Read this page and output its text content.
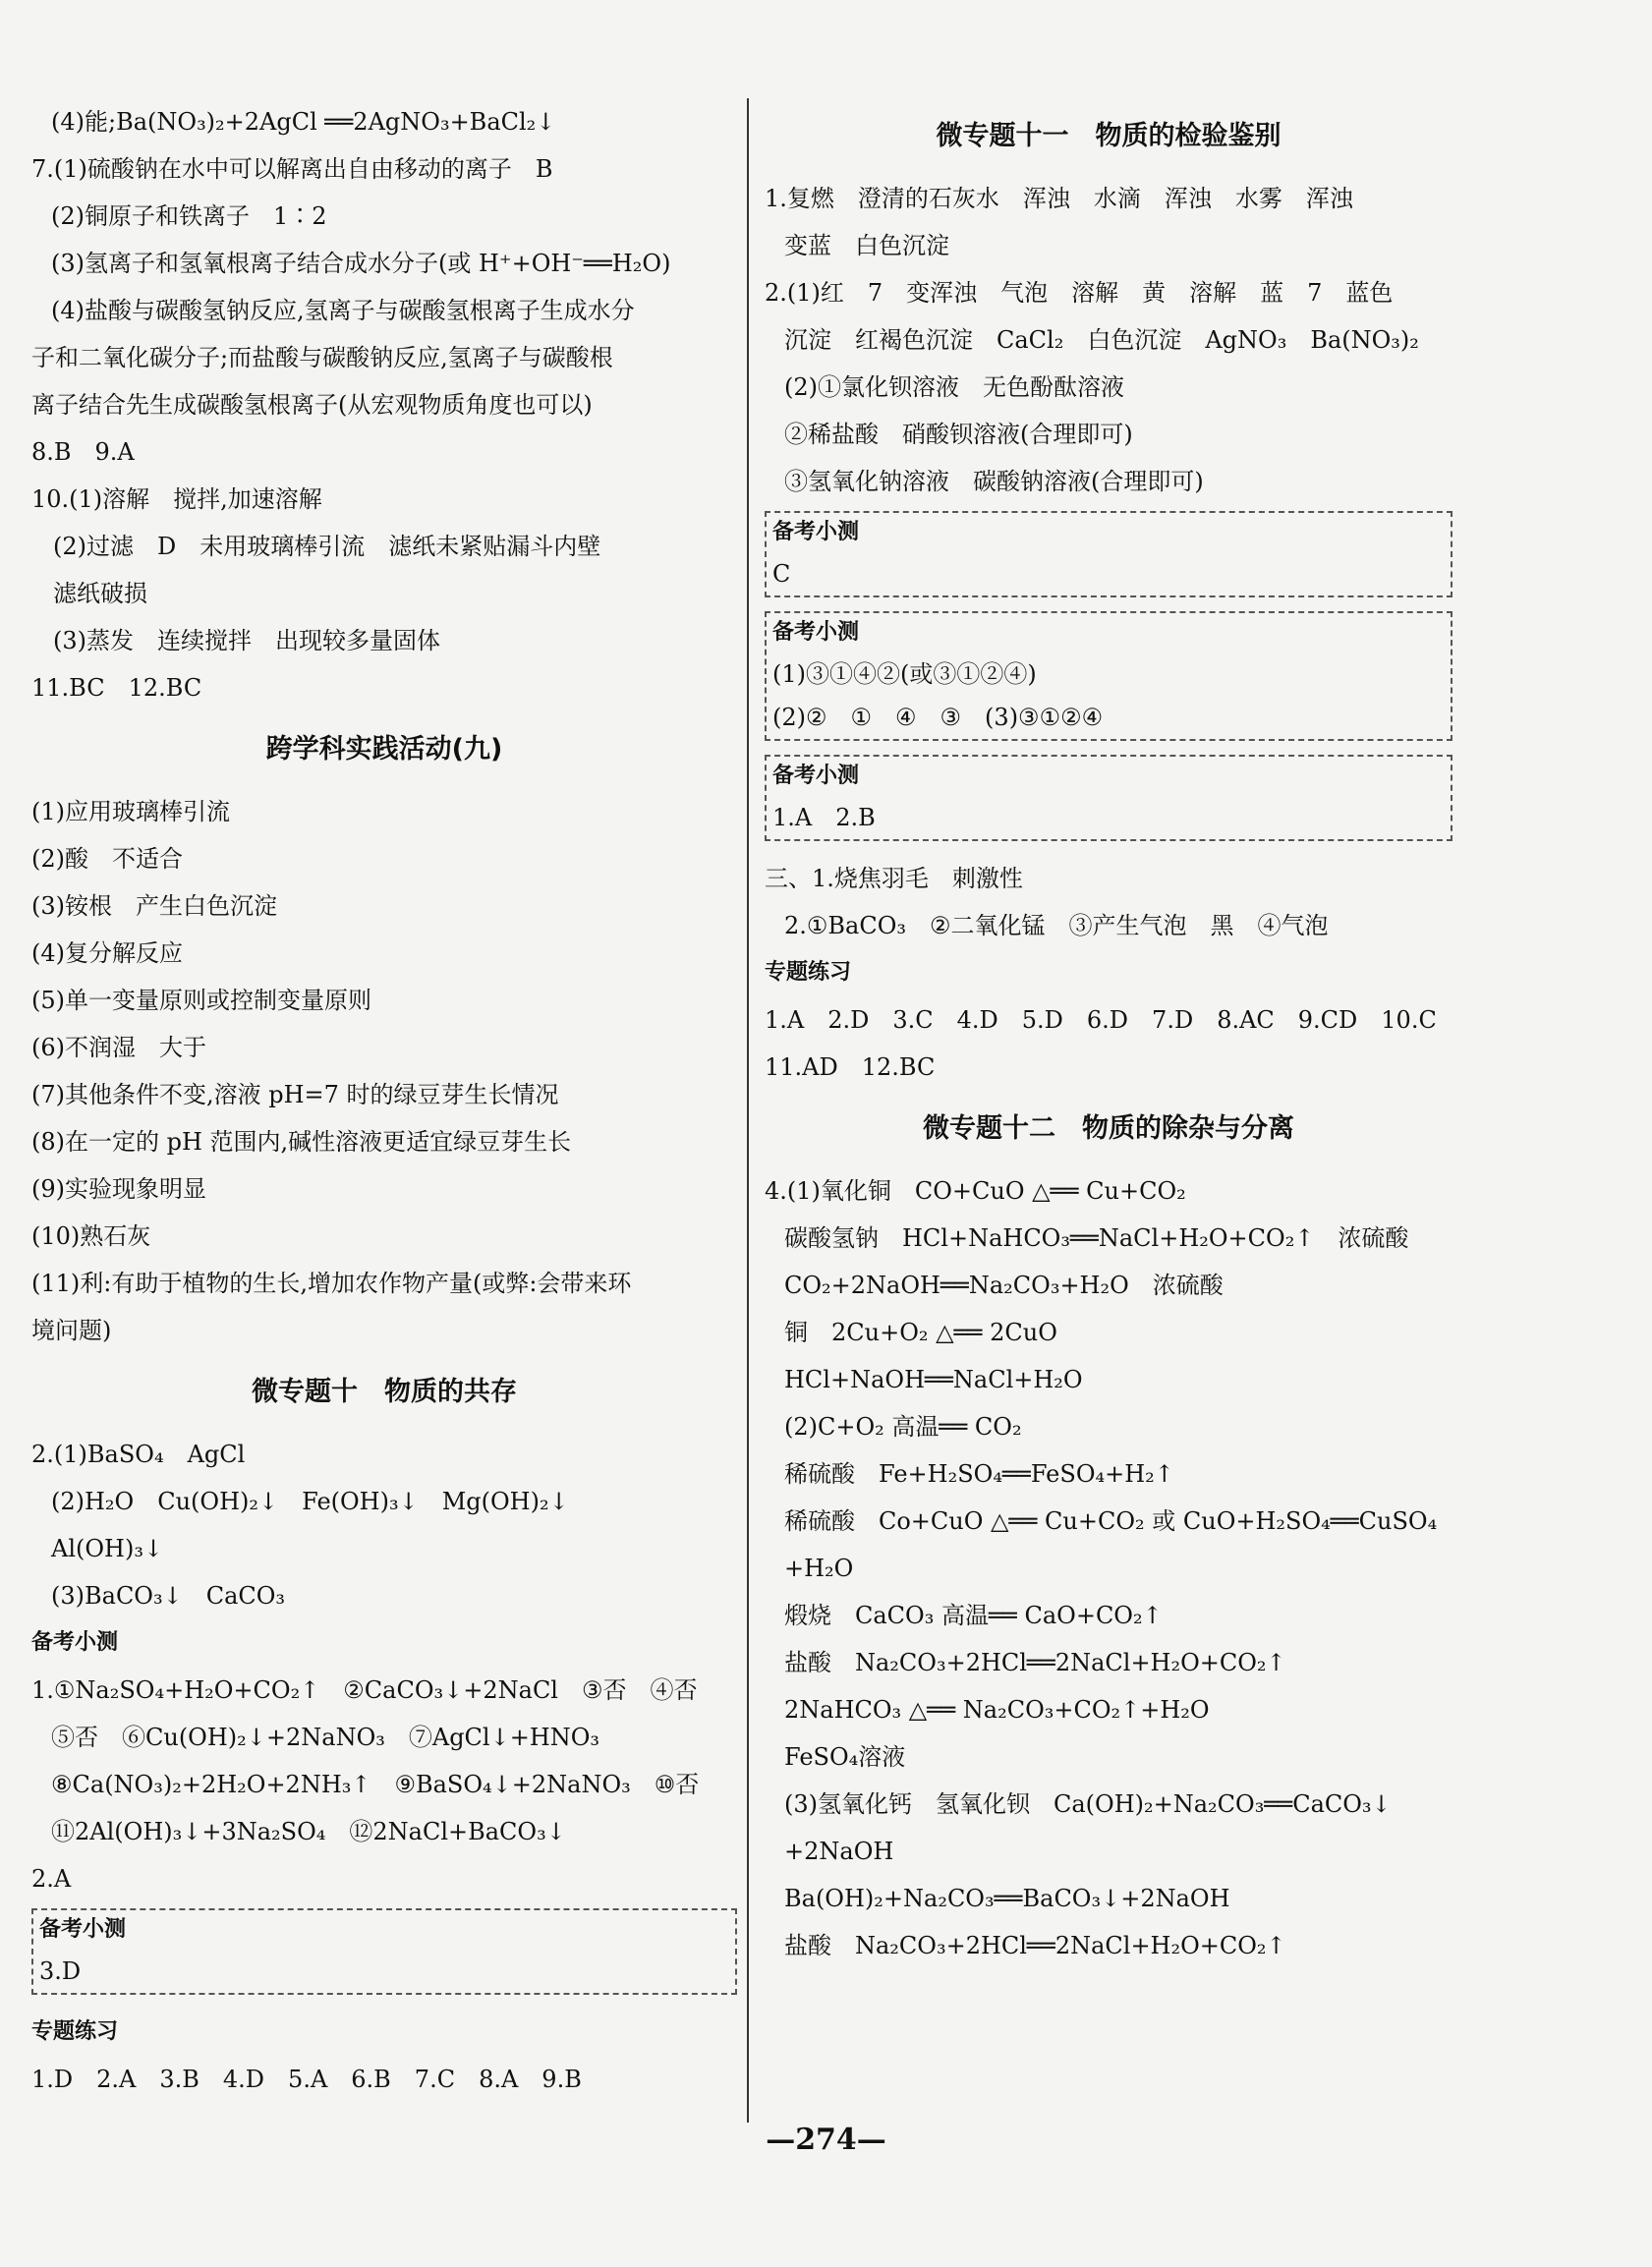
(4)能;Ba(NO₃)₂+2AgCl ══2AgNO₃+BaCl₂↓
7.(1)硫酸钠在水中可以解离出自由移动的离子　B
(2)铜原子和铁离子　1∶2
(3)氢离子和氢氧根离子结合成水分子(或 H⁺+OH⁻══H₂O)
(4)盐酸与碳酸氢钠反应,氢离子与碳酸氢根离子生成水分
子和二氧化碳分子;而盐酸与碳酸钠反应,氢离子与碳酸根
离子结合先生成碳酸氢根离子(从宏观物质角度也可以)
8.B　9.A
10.(1)溶解　搅拌,加速溶解
(2)过滤　D　未用玻璃棒引流　滤纸未紧贴漏斗内壁
滤纸破损
(3)蒸发　连续搅拌　出现较多量固体
11.BC　12.BC
跨学科实践活动(九)
(1)应用玻璃棒引流
(2)酸　不适合
(3)铵根　产生白色沉淀
(4)复分解反应
(5)单一变量原则或控制变量原则
(6)不润湿　大于
(7)其他条件不变,溶液 pH=7 时的绿豆芽生长情况
(8)在一定的 pH 范围内,碱性溶液更适宜绿豆芽生长
(9)实验现象明显
(10)熟石灰
(11)利:有助于植物的生长,增加农作物产量(或弊:会带来环
境问题)
微专题十　物质的共存
2.(1)BaSO₄　AgCl
(2)H₂O　Cu(OH)₂↓　Fe(OH)₃↓　Mg(OH)₂↓
Al(OH)₃↓
(3)BaCO₃↓　CaCO₃
备考小测
1.①Na₂SO₄+H₂O+CO₂↑　②CaCO₃↓+2NaCl　③否　④否
⑤否　⑥Cu(OH)₂↓+2NaNO₃　⑦AgCl↓+HNO₃
⑧Ca(NO₃)₂+2H₂O+2NH₃↑　⑨BaSO₄↓+2NaNO₃　⑩否
⑪2Al(OH)₃↓+3Na₂SO₄　⑫2NaCl+BaCO₃↓
2.A
备考小测
3.D
专题练习
1.D　2.A　3.B　4.D　5.A　6.B　7.C　8.A　9.B
微专题十一　物质的检验鉴别
1.复燃　澄清的石灰水　浑浊　水滴　浑浊　水雾　浑浊
变蓝　白色沉淀
2.(1)红　7　变浑浊　气泡　溶解　黄　溶解　蓝　7　蓝色
沉淀　红褐色沉淀　CaCl₂　白色沉淀　AgNO₃　Ba(NO₃)₂
(2)①氯化钡溶液　无色酚酞溶液
②稀盐酸　硝酸钡溶液(合理即可)
③氢氧化钠溶液　碳酸钠溶液(合理即可)
备考小测
C
备考小测
(1)③①④②(或③①②④)
(2)②　①　④　③　(3)③①②④
备考小测
1.A　2.B
三、1.烧焦羽毛　刺激性
2.①BaCO₃　②二氧化锰　③产生气泡　黑　④气泡
专题练习
1.A　2.D　3.C　4.D　5.D　6.D　7.D　8.AC　9.CD　10.C
11.AD　12.BC
微专题十二　物质的除杂与分离
4.(1)氧化铜　CO+CuO △══ Cu+CO₂
碳酸氢钠　HCl+NaHCO₃══NaCl+H₂O+CO₂↑　浓硫酸
CO₂+2NaOH══Na₂CO₃+H₂O　浓硫酸
铜　2Cu+O₂ △══ 2CuO
HCl+NaOH══NaCl+H₂O
(2)C+O₂ 高温══ CO₂
稀硫酸　Fe+H₂SO₄══FeSO₄+H₂↑
稀硫酸　Co+CuO △══ Cu+CO₂ 或 CuO+H₂SO₄══CuSO₄
+H₂O
煅烧　CaCO₃ 高温══ CaO+CO₂↑
盐酸　Na₂CO₃+2HCl══2NaCl+H₂O+CO₂↑
2NaHCO₃ △══ Na₂CO₃+CO₂↑+H₂O
FeSO₄溶液
(3)氢氧化钙　氢氧化钡　Ca(OH)₂+Na₂CO₃══CaCO₃↓
+2NaOH
Ba(OH)₂+Na₂CO₃══BaCO₃↓+2NaOH
盐酸　Na₂CO₃+2HCl══2NaCl+H₂O+CO₂↑
—274—
